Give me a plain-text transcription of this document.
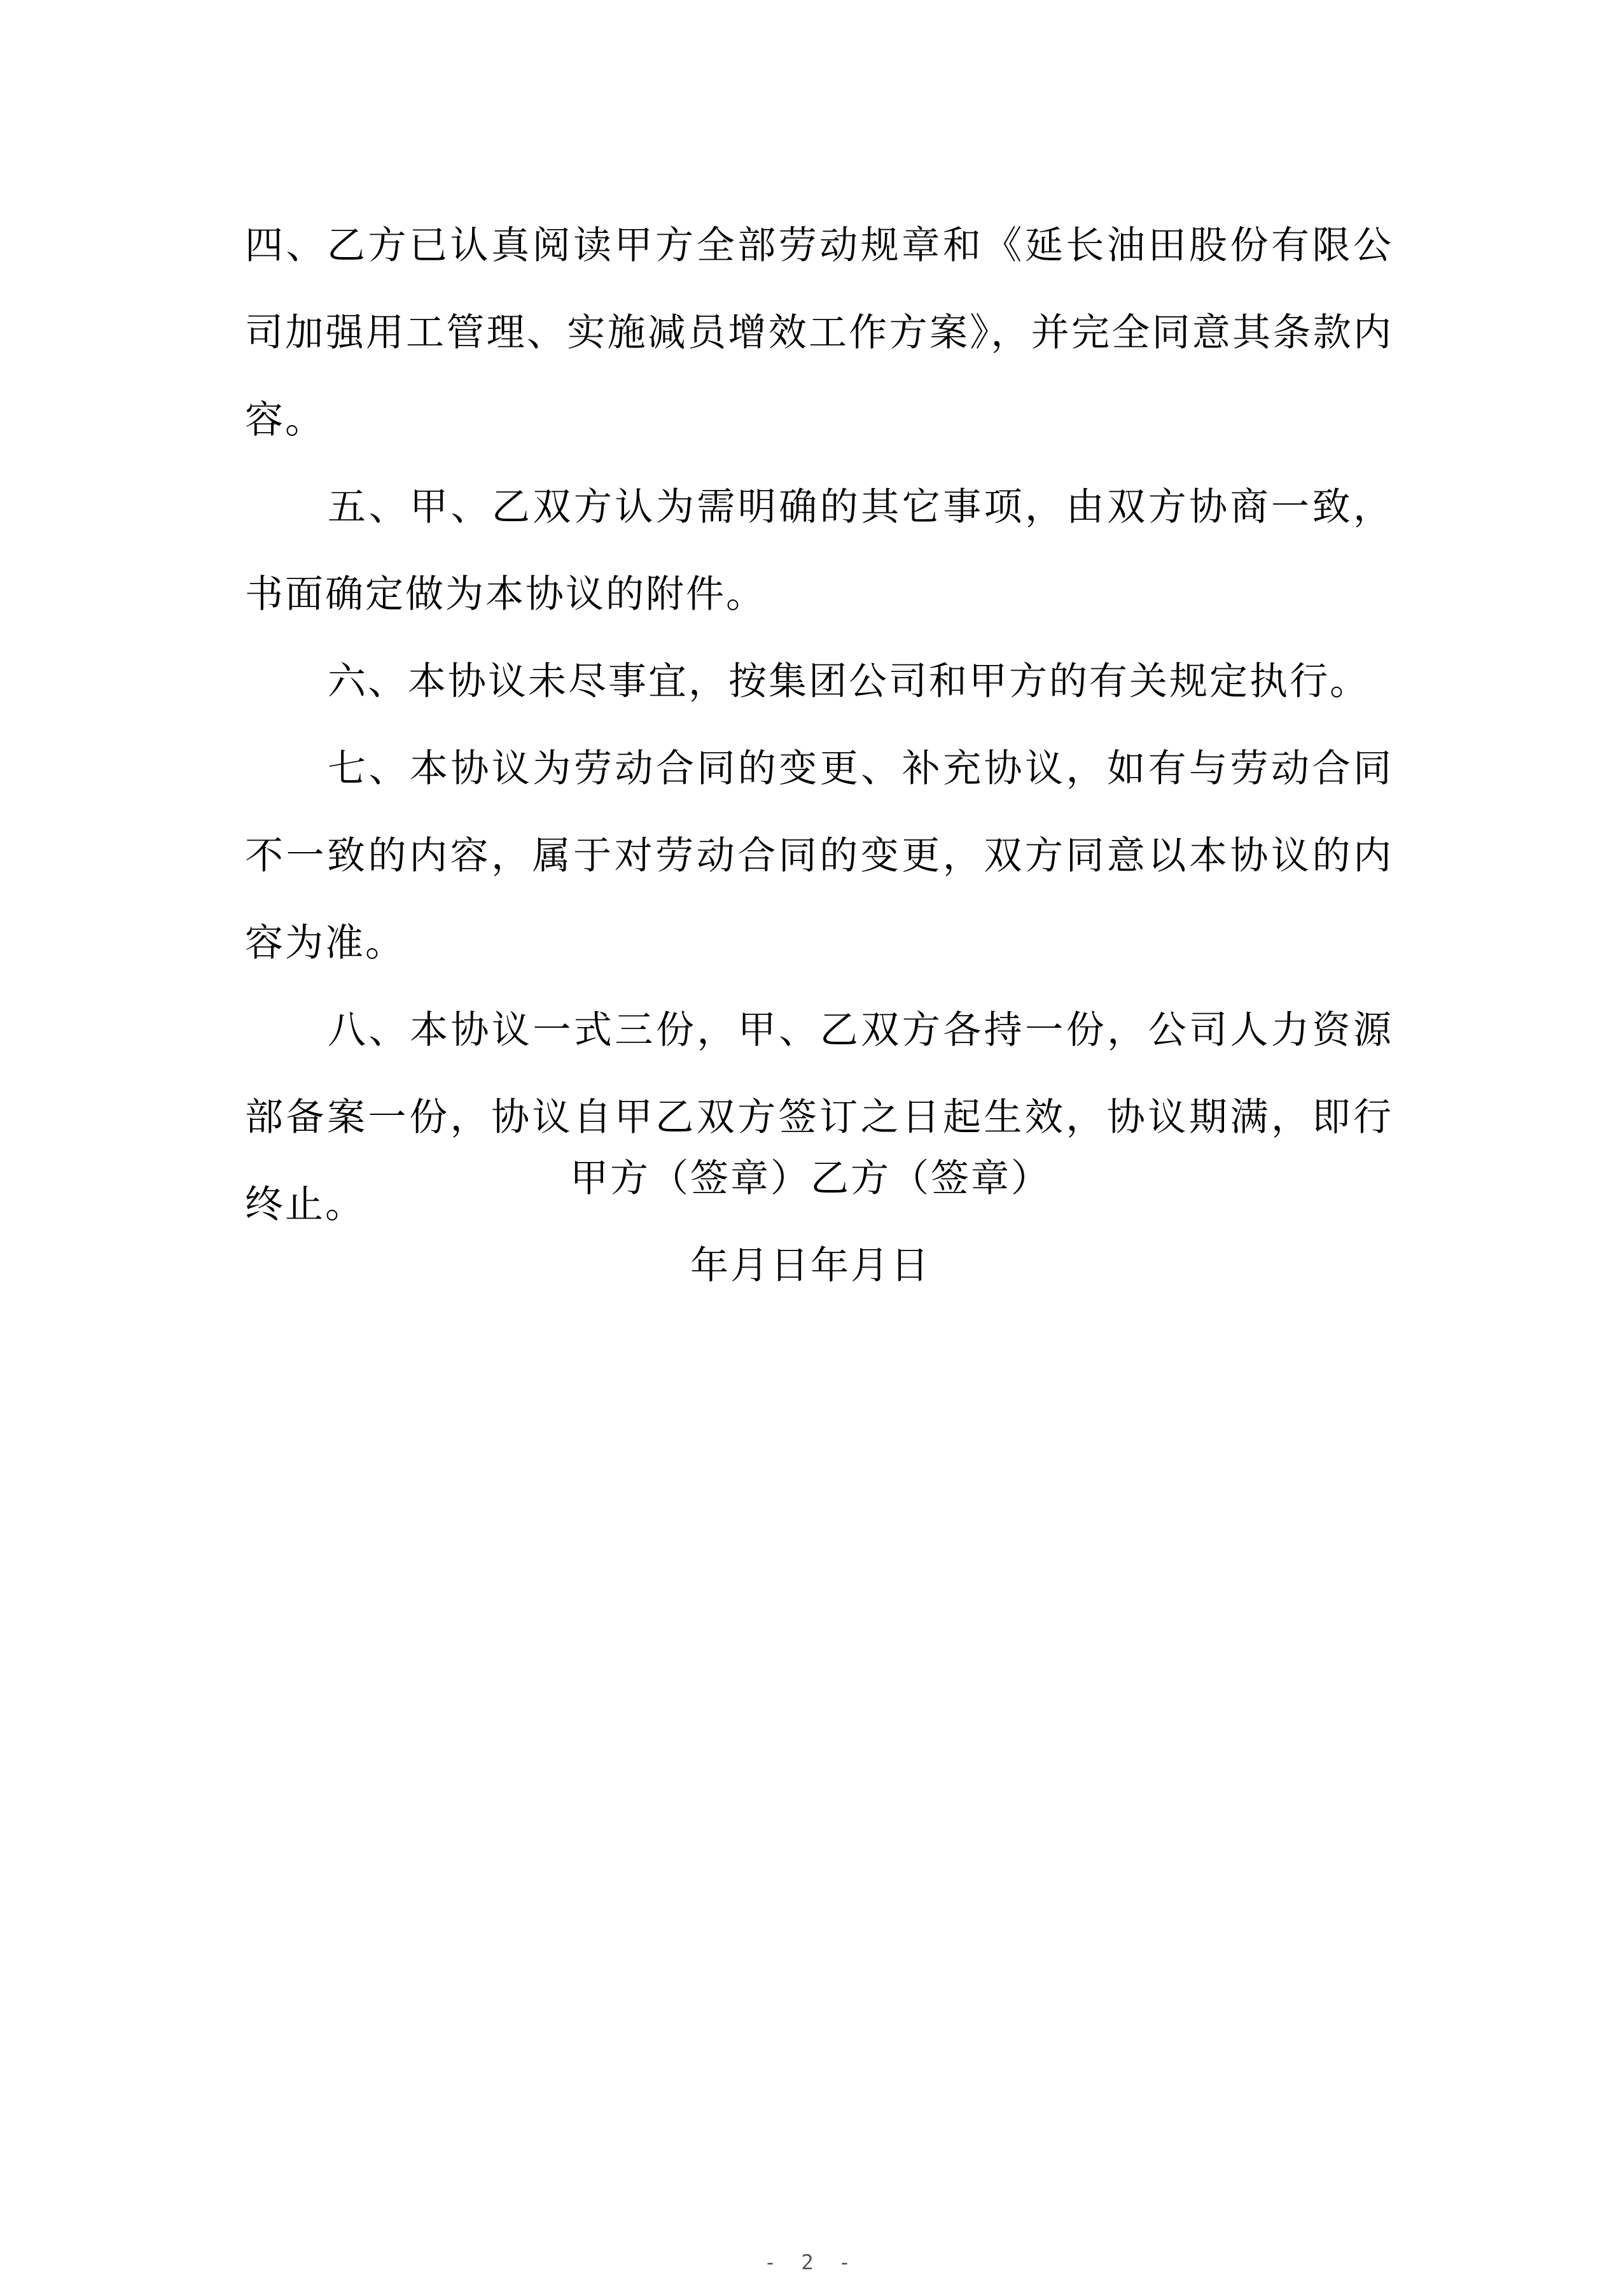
四、乙方已认真阅读甲方全部劳动规章和《延长油田股份有限公司加强用工管理、实施减员增效工作方案》，并完全同意其条款内容。

五、甲、乙双方认为需明确的其它事项，由双方协商一致，书面确定做为本协议的附件。

六、本协议未尽事宜，按集团公司和甲方的有关规定执行。

七、本协议为劳动合同的变更、补充协议，如有与劳动合同不一致的内容，属于对劳动合同的变更，双方同意以本协议的内容为准。

八、本协议一式三份，甲、乙双方各持一份，公司人力资源部备案一份，协议自甲乙双方签订之日起生效，协议期满，即行终止。

甲方（签章）乙方（签章）

年月日年月日

- 2 -
